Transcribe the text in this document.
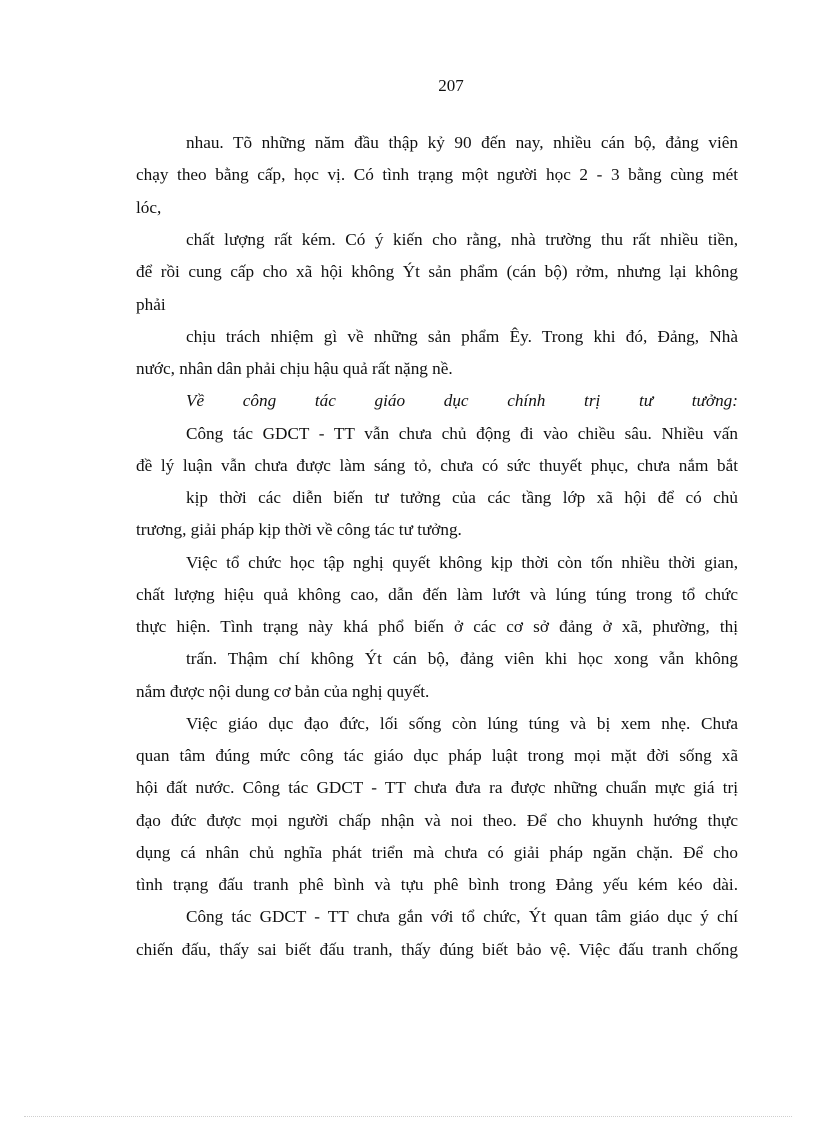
207
nhau. Tõ những năm đầu thập kỷ 90 đến nay, nhiều cán bộ, đảng viên
chạy theo bằng cấp, học vị. Có tình trạng một người học 2 - 3 bằng cùng mét
lóc,
chất lượng rất kém. Có ý kiến cho rằng, nhà trường thu rất nhiều tiền,
để rồi cung cấp cho xã hội không Ýt sản phẩm (cán bộ) rởm, nhưng lại không
phải
chịu trách nhiệm gì về những sản phẩm Êy. Trong khi đó, Đảng, Nhà
nước, nhân dân phải chịu hậu quả rất nặng nề.
Về công tác giáo dục chính trị tư tưởng:
Công tác GDCT - TT vẫn chưa chủ động đi vào chiều sâu. Nhiều vấn
đề lý luận vẫn chưa được làm sáng tỏ, chưa có sức thuyết phục, chưa nắm bắt
kịp thời các diễn biến tư tưởng của các tầng lớp xã hội để có chủ
trương, giải pháp kịp thời về công tác tư tưởng.
Việc tổ chức học tập nghị quyết không kịp thời còn tốn nhiều thời gian,
chất lượng hiệu quả không cao, dẫn đến làm lướt và lúng túng trong tổ chức
thực hiện. Tình trạng này khá phổ biến ở các cơ sở đảng ở xã, phường, thị
trấn. Thậm chí không Ýt cán bộ, đảng viên khi học xong vẫn không
nắm được nội dung cơ bản của nghị quyết.
Việc giáo dục đạo đức, lối sống còn lúng túng và bị xem nhẹ. Chưa
quan tâm đúng mức công tác giáo dục pháp luật trong mọi mặt đời sống xã
hội đất nước. Công tác GDCT - TT chưa đưa ra được những chuẩn mực giá trị
đạo đức được mọi người chấp nhận và noi theo. Để cho khuynh hướng thực
dụng cá nhân chủ nghĩa phát triển mà chưa có giải pháp ngăn chặn. Để cho
tình trạng đấu tranh phê bình và tựu phê bình trong Đảng yếu kém kéo dài.
Công tác GDCT - TT chưa gắn với tổ chức, Ýt quan tâm giáo dục ý chí
chiến đấu, thấy sai biết đấu tranh, thấy đúng biết bảo vệ. Việc đấu tranh chống
